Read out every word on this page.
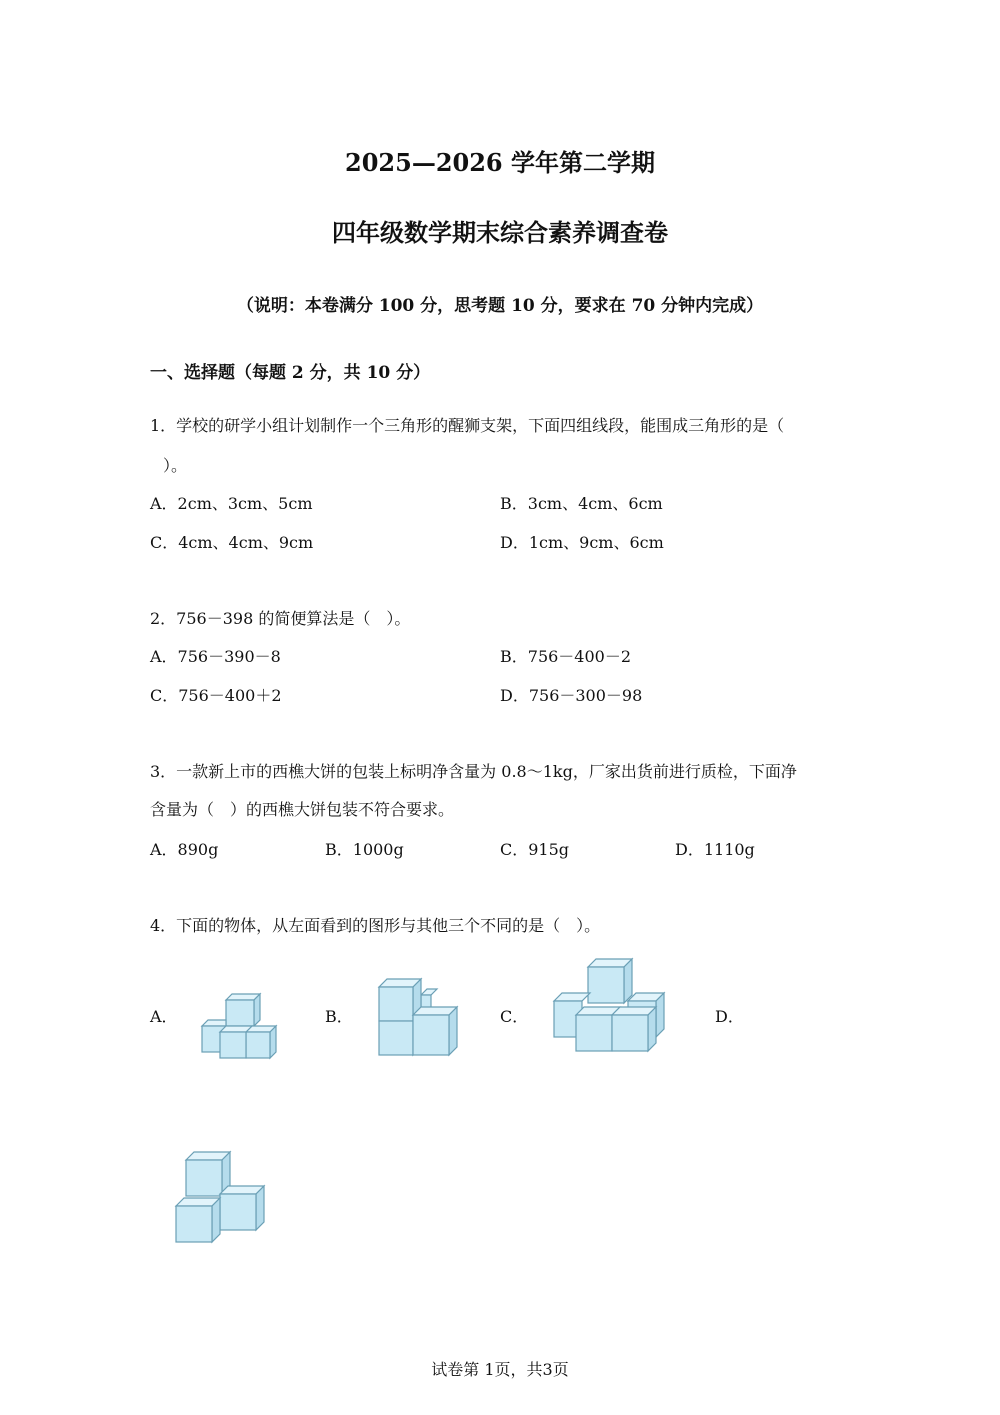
2025—2026 学年第二学期
四年级数学期末综合素养调查卷
（说明：本卷满分 100 分，思考题 10 分，要求在 70 分钟内完成）
一、选择题（每题 2 分，共 10 分）
1．学校的研学小组计划制作一个三角形的醒狮支架，下面四组线段，能围成三角形的是（
）。
A．2cm、3cm、5cm	B．3cm、4cm、6cm
C．4cm、4cm、9cm	D．1cm、9cm、6cm
2．756－398 的简便算法是（　）。
A．756－390－8	B．756－400－2
C．756－400＋2	D．756－300－98
3．一款新上市的西樵大饼的包装上标明净含量为 0.8～1kg，厂家出货前进行质检，下面净
含量为（　）的西樵大饼包装不符合要求。
A．890g	B．1000g	C．915g	D．1110g
4．下面的物体，从左面看到的图形与其他三个不同的是（　）。
A．	B．	C．	D．
试卷第 1页，共3页
